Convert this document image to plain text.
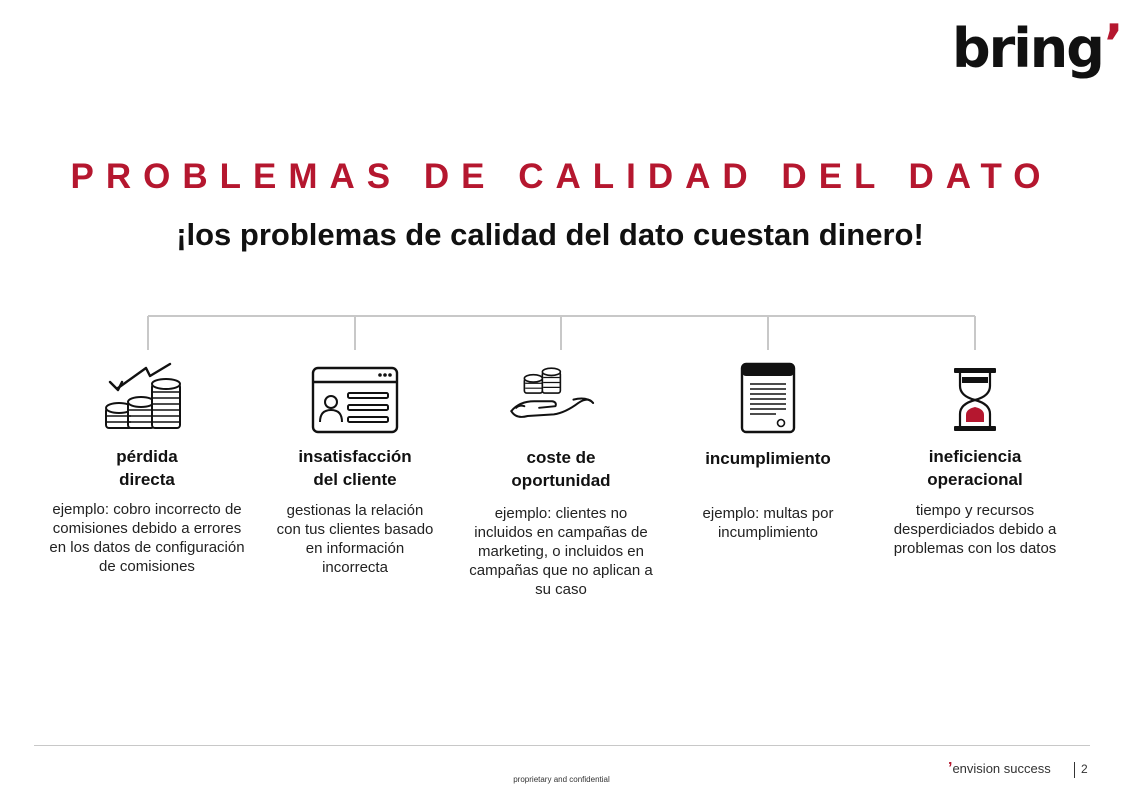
bring’
PROBLEMAS DE CALIDAD DEL DATO
¡los problemas de calidad del dato cuestan dinero!
pérdida directa
ejemplo: cobro incorrecto de comisiones debido a errores en los datos de configuración de comisiones
insatisfacción del cliente
gestionas la relación con tus clientes basado en información incorrecta
coste de oportunidad
ejemplo: clientes no incluidos en campañas de marketing, o incluidos en campañas que no aplican a su caso
incumplimiento
ejemplo: multas por incumplimiento
ineficiencia operacional
tiempo y recursos desperdiciados debido a problemas con los datos
proprietary and confidential
’envision success	2
